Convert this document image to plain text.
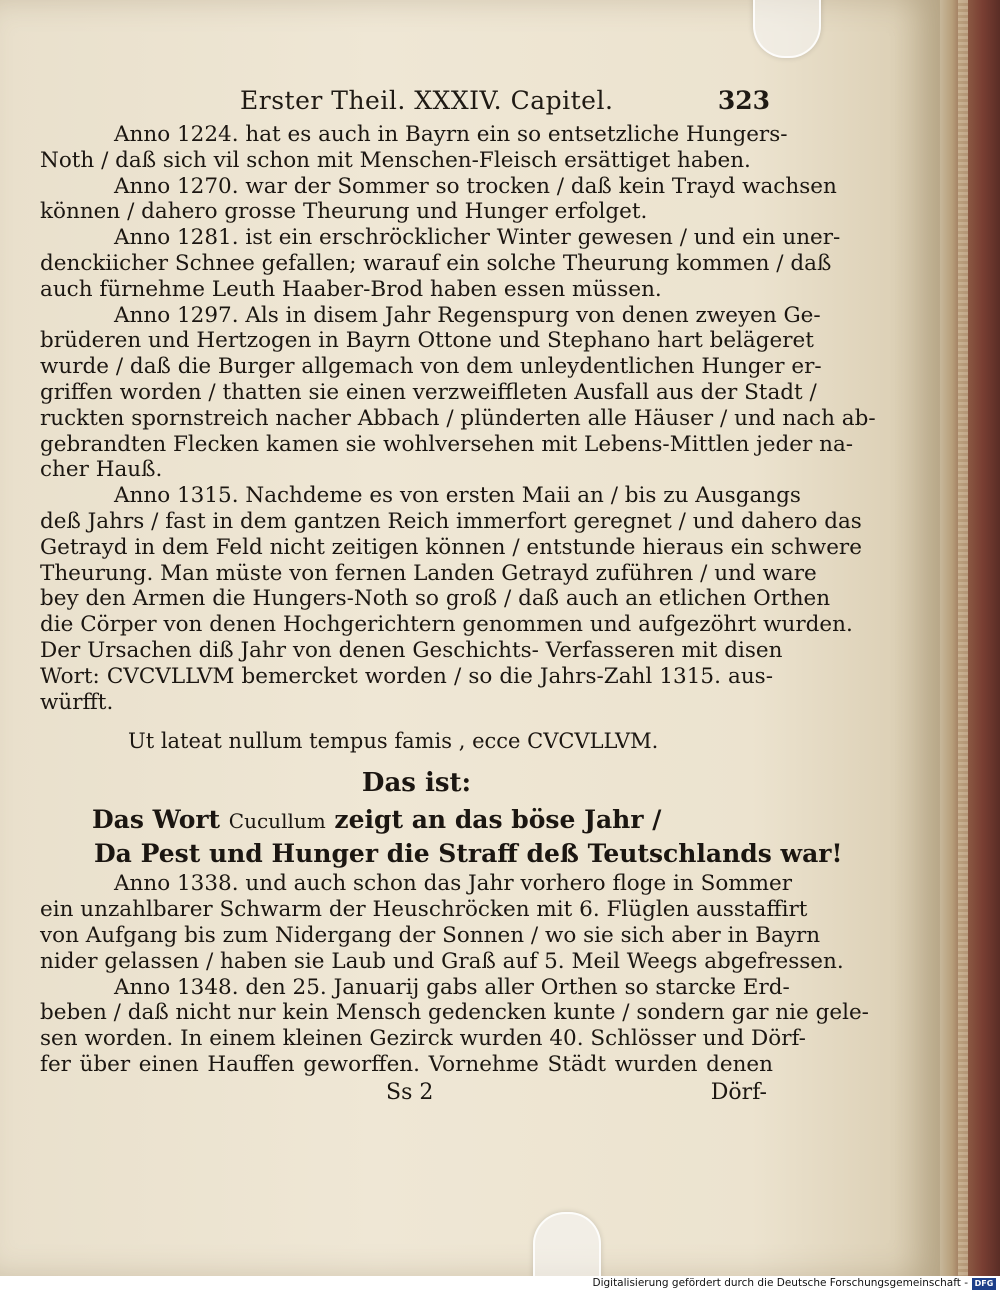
Erster Theil. XXXIV. Capitel.	323
Anno 1224. hat es auch in Bayrn ein so entsetzliche Hungers-
Noth / daß sich vil schon mit Menschen-Fleisch ersättiget haben.
Anno 1270. war der Sommer so trocken / daß kein Trayd wachsen
können / dahero grosse Theurung und Hunger erfolget.
Anno 1281. ist ein erschröcklicher Winter gewesen / und ein uner-
denckiicher Schnee gefallen; warauf ein solche Theurung kommen / daß
auch fürnehme Leuth Haaber-Brod haben essen müssen.
Anno 1297. Als in disem Jahr Regenspurg von denen zweyen Ge-
brüderen und Hertzogen in Bayrn Ottone und Stephano hart belägeret
wurde / daß die Burger allgemach von dem unleydentlichen Hunger er-
griffen worden / thatten sie einen verzweiffleten Ausfall aus der Stadt /
ruckten spornstreich nacher Abbach / plünderten alle Häuser / und nach ab-
gebrandten Flecken kamen sie wohlversehen mit Lebens-Mittlen jeder na-
cher Hauß.
Anno 1315. Nachdeme es von ersten Maii an / bis zu Ausgangs
deß Jahrs / fast in dem gantzen Reich immerfort geregnet / und dahero das
Getrayd in dem Feld nicht zeitigen können / entstunde hieraus ein schwere
Theurung. Man müste von fernen Landen Getrayd zuführen / und ware
bey den Armen die Hungers-Noth so groß / daß auch an etlichen Orthen
die Cörper von denen Hochgerichtern genommen und aufgezöhrt wurden.
Der Ursachen diß Jahr von denen Geschichts- Verfasseren mit disen
Wort: CVCVLLVM bemercket worden / so die Jahrs-Zahl 1315. aus-
würfft.
Ut lateat nullum tempus famis , ecce CVCVLLVM.
Das ist:
Das Wort Cucullum zeigt an das böse Jahr /
Da Pest und Hunger die Straff deß Teutschlands war!
Anno 1338. und auch schon das Jahr vorhero floge in Sommer
ein unzahlbarer Schwarm der Heuschröcken mit 6. Flüglen ausstaffirt
von Aufgang bis zum Nidergang der Sonnen / wo sie sich aber in Bayrn
nider gelassen / haben sie Laub und Graß auf 5. Meil Weegs abgefressen.
Anno 1348. den 25. Januarij gabs aller Orthen so starcke Erd-
beben / daß nicht nur kein Mensch gedencken kunte / sondern gar nie gele-
sen worden. In einem kleinen Gezirck wurden 40. Schlösser und Dörf-
fer über einen Hauffen geworffen. Vornehme Städt wurden denen
Ss 2	Dörf-
Digitalisierung gefördert durch die Deutsche Forschungsgemeinschaft - DFG
